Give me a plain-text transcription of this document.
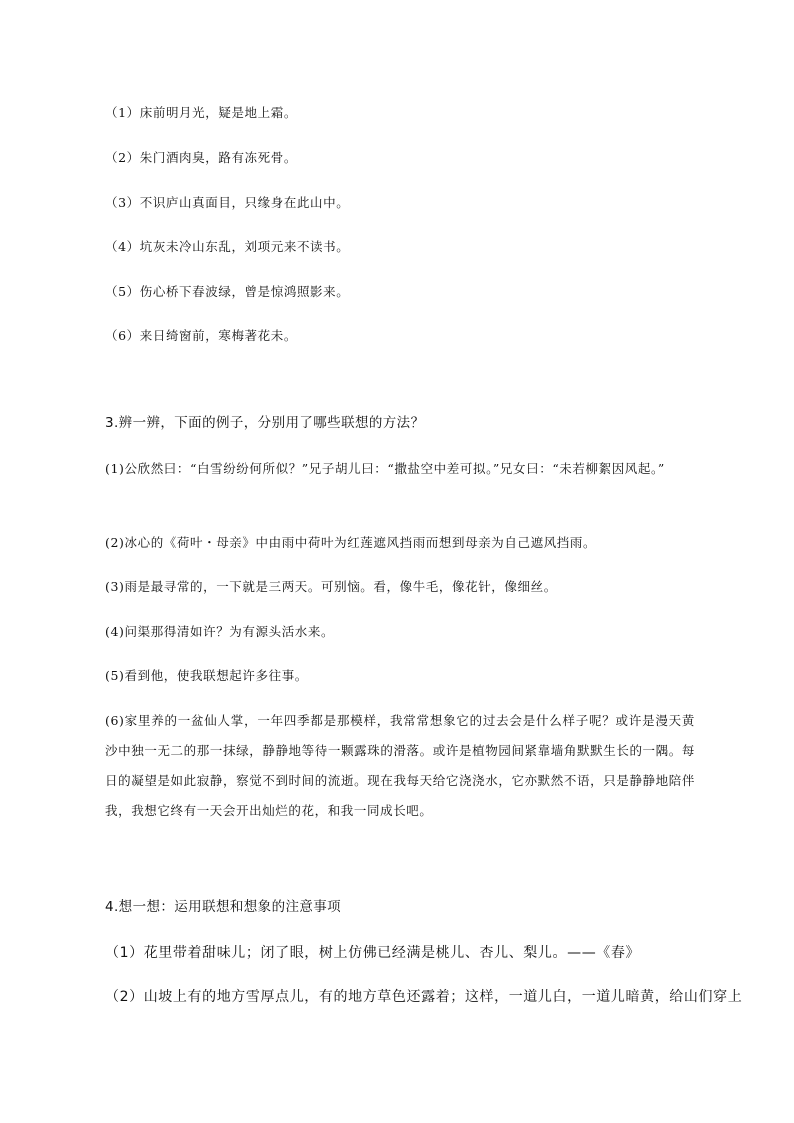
（1）床前明月光，疑是地上霜。
（2）朱门酒肉臭，路有冻死骨。
（3）不识庐山真面目，只缘身在此山中。
（4）坑灰未冷山东乱，刘项元来不读书。
（5）伤心桥下春波绿，曾是惊鸿照影来。
（6）来日绮窗前，寒梅著花未。
3.辨一辨，下面的例子，分别用了哪些联想的方法？
(1)公欣然曰：“白雪纷纷何所似？”兄子胡儿曰：“撒盐空中差可拟。”兄女曰：“未若柳絮因风起。”
(2)冰心的《荷叶・母亲》中由雨中荷叶为红莲遮风挡雨而想到母亲为自己遮风挡雨。
(3)雨是最寻常的，一下就是三两天。可别恼。看，像牛毛，像花针，像细丝。
(4)问渠那得清如许？为有源头活水来。
(5)看到他，使我联想起许多往事。
(6)家里养的一盆仙人掌，一年四季都是那模样，我常常想象它的过去会是什么样子呢？或许是漫天黄沙中独一无二的那一抹绿，静静地等待一颗露珠的滑落。或许是植物园间紧靠墙角默默生长的一隅。每日的凝望是如此寂静，察觉不到时间的流逝。现在我每天给它浇浇水，它亦默然不语，只是静静地陪伴我，我想它终有一天会开出灿烂的花，和我一同成长吧。
4.想一想：运用联想和想象的注意事项
（1）花里带着甜味儿；闭了眼，树上仿佛已经满是桃儿、杏儿、梨儿。——《春》
（2）山坡上有的地方雪厚点儿，有的地方草色还露着；这样，一道儿白，一道儿暗黄，给山们穿上
